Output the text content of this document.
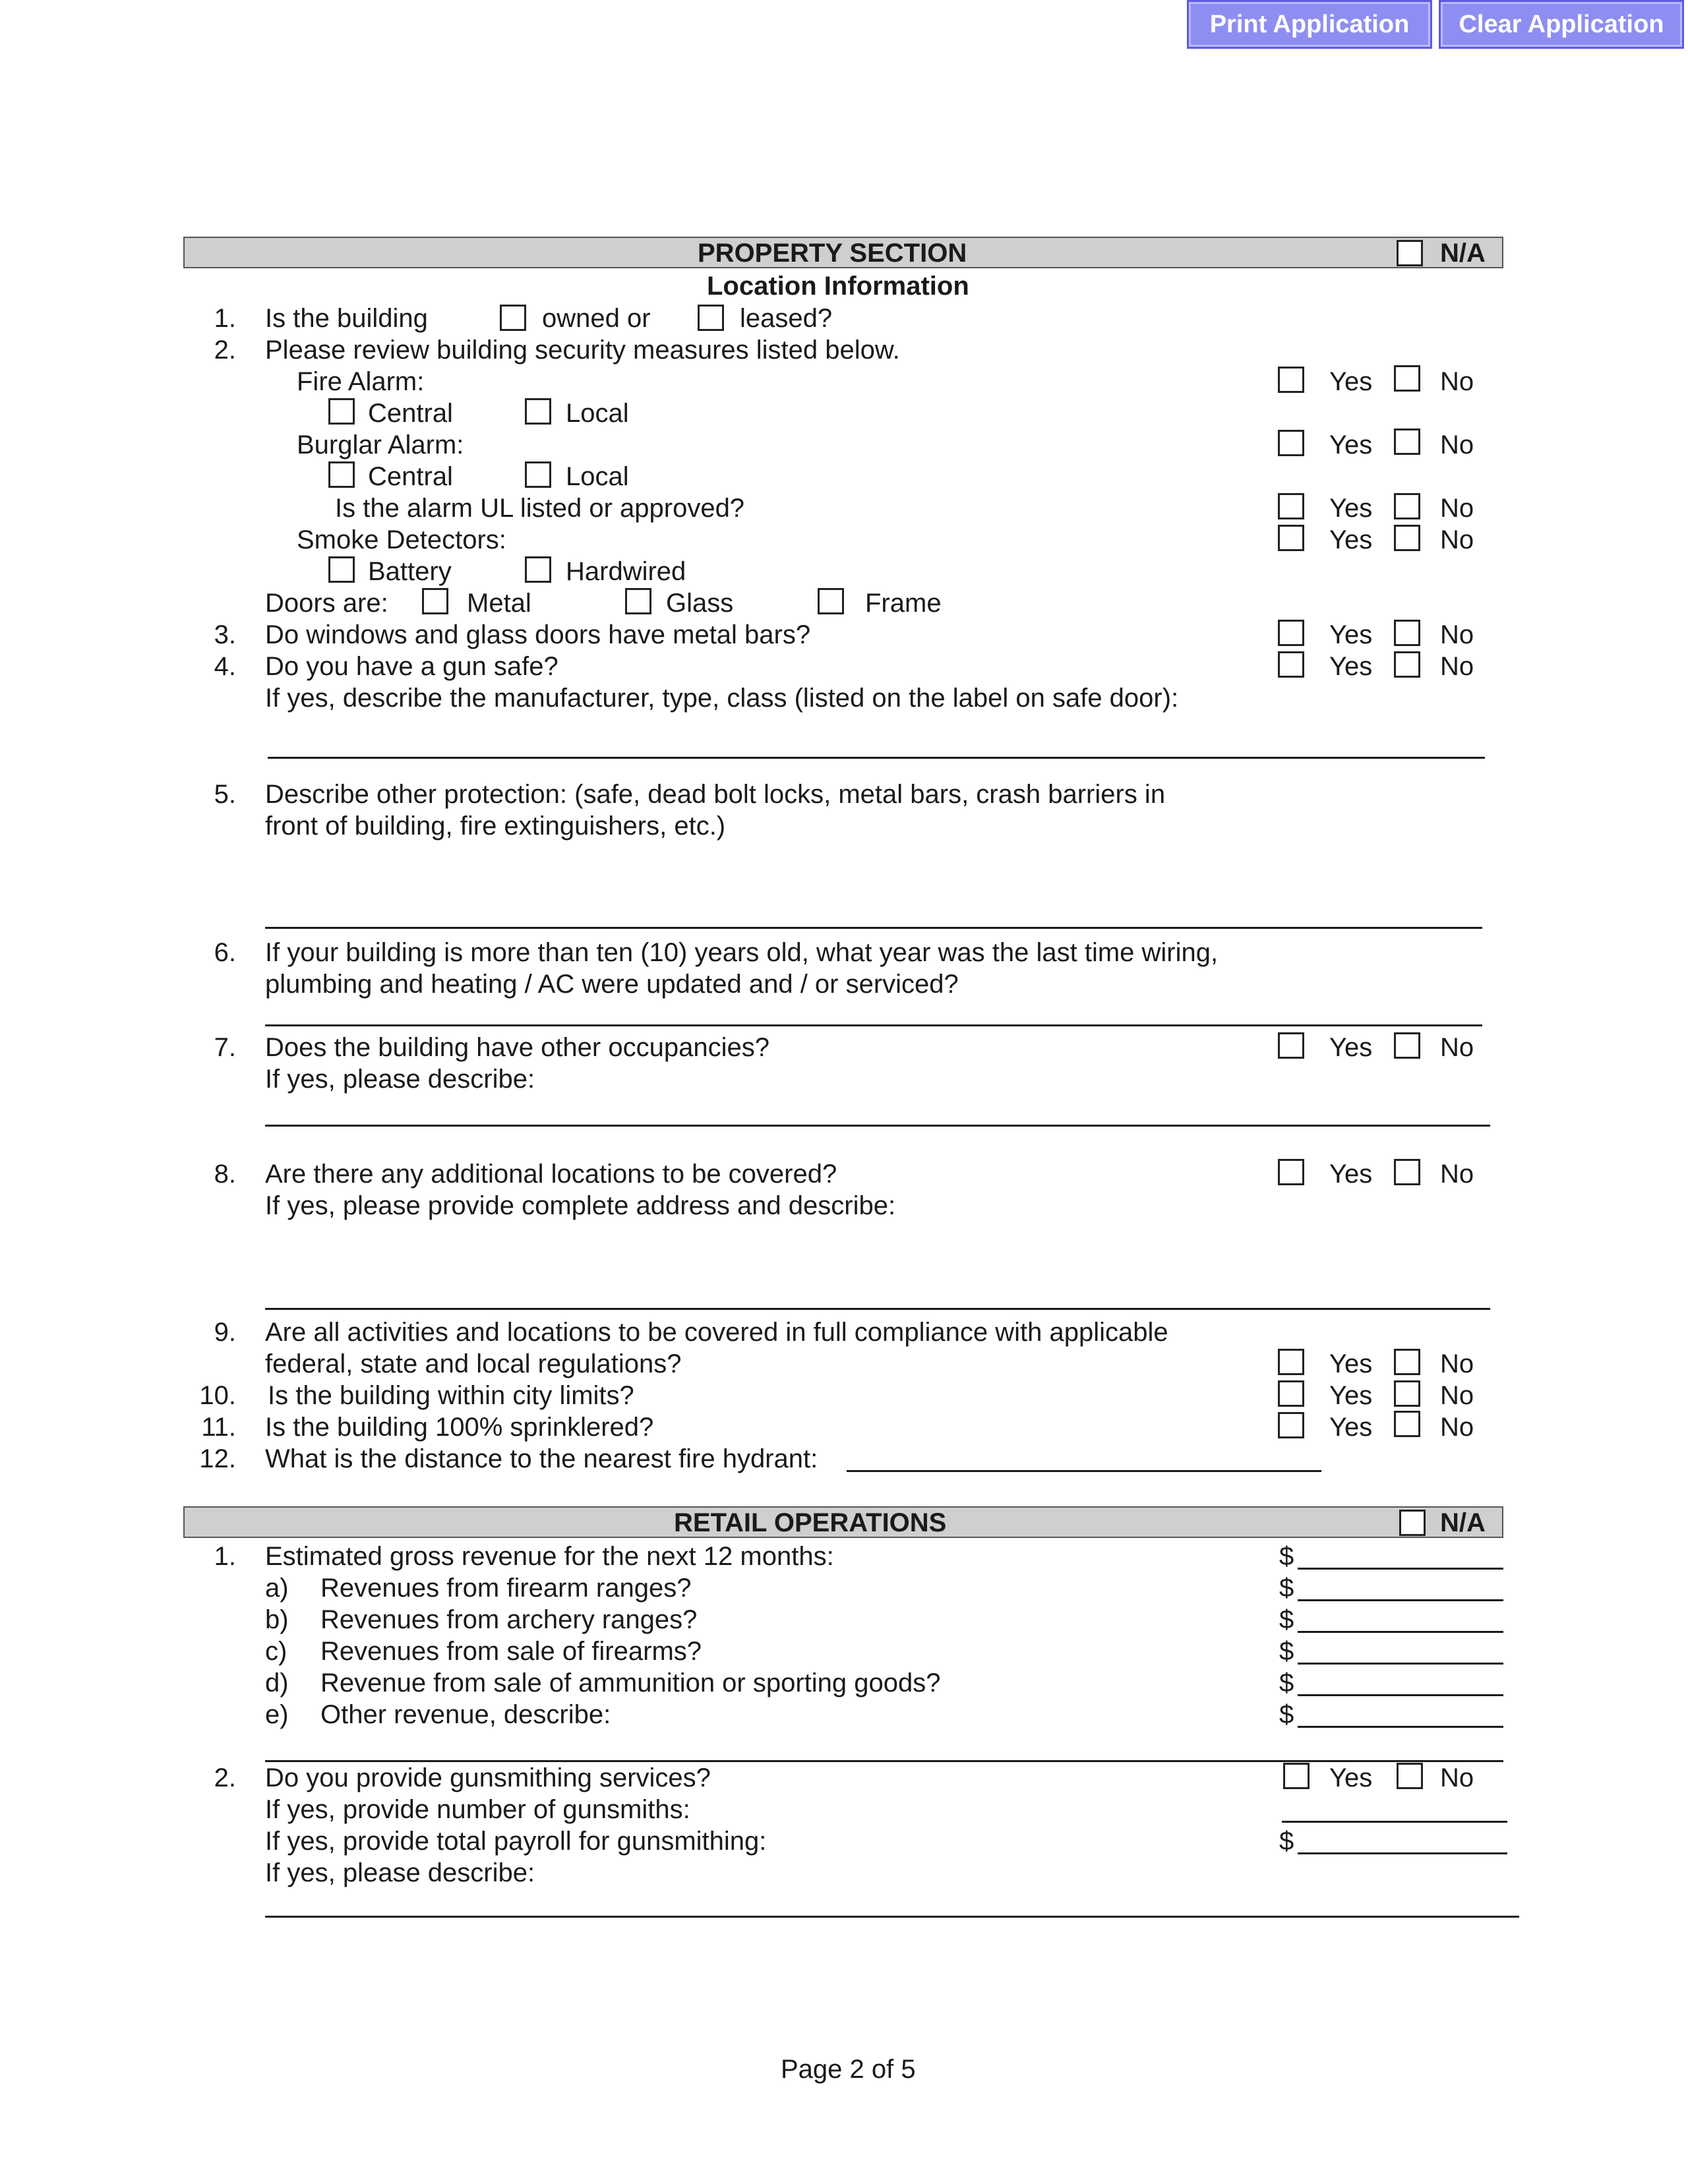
Print Application	Clear Application
PROPERTY SECTION	N/A
Location Information
1. Is the building	owned or	leased?
2. Please review building security measures listed below.
Fire Alarm:	Yes	No
Central	Local
Burglar Alarm:	Yes	No
Central	Local
Is the alarm UL listed or approved?	Yes	No
Smoke Detectors:	Yes	No
Battery	Hardwired
Doors are:	Metal	Glass	Frame
3. Do windows and glass doors have metal bars?	Yes	No
4. Do you have a gun safe?	Yes	No
If yes, describe the manufacturer, type, class (listed on the label on safe door):
5. Describe other protection: (safe, dead bolt locks, metal bars, crash barriers in
front of building, fire extinguishers, etc.)
6. If your building is more than ten (10) years old, what year was the last time wiring,
plumbing and heating / AC were updated and / or serviced?
7. Does the building have other occupancies?	Yes	No
If yes, please describe:
8. Are there any additional locations to be covered?	Yes	No
If yes, please provide complete address and describe:
9. Are all activities and locations to be covered in full compliance with applicable
federal, state and local regulations?	Yes	No
10. Is the building within city limits?	Yes	No
11. Is the building 100% sprinklered?	Yes	No
12. What is the distance to the nearest fire hydrant:
RETAIL OPERATIONS	N/A
1. Estimated gross revenue for the next 12 months:	$
a) Revenues from firearm ranges?	$
b) Revenues from archery ranges?	$
c) Revenues from sale of firearms?	$
d) Revenue from sale of ammunition or sporting goods?	$
e) Other revenue, describe:	$
2. Do you provide gunsmithing services?	Yes	No
If yes, provide number of gunsmiths:
If yes, provide total payroll for gunsmithing:	$
If yes, please describe:
Page 2 of 5
